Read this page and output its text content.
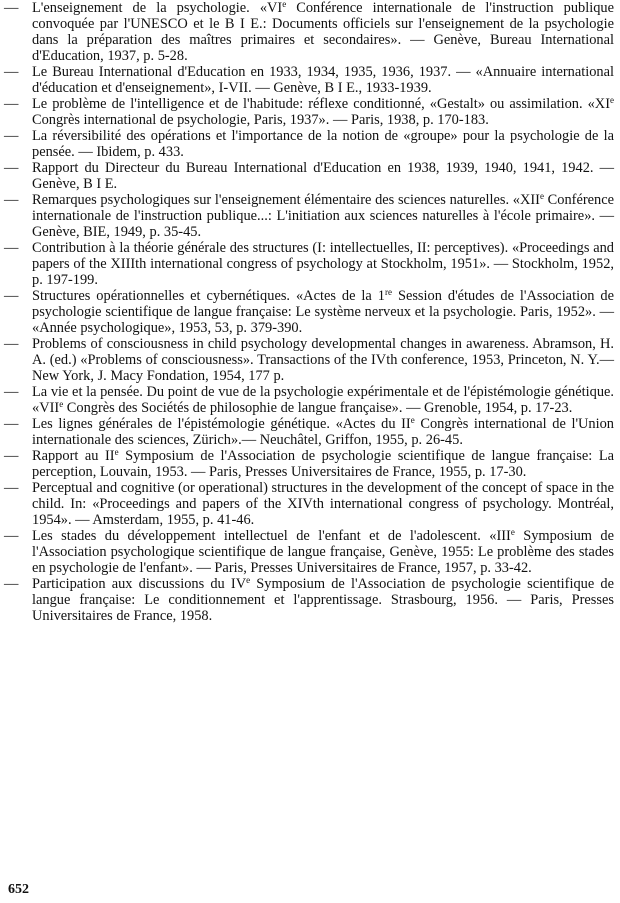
— L'enseignement de la psychologie. «VIe Conférence internationale de l'instruction publique convoquée par l'UNESCO et le B I E.: Documents officiels sur l'enseignement de la psychologie dans la préparation des maîtres primaires et secondaires». — Genève, Bureau International d'Education, 1937, p. 5-28.
— Le Bureau International d'Education en 1933, 1934, 1935, 1936, 1937. — «Annuaire international d'éducation et d'enseignement», I-VII. — Genève, B I E., 1933-1939.
— Le problème de l'intelligence et de l'habitude: réflexe conditionné, «Gestalt» ou assimilation. «XIe Congrès international de psychologie, Paris, 1937». — Paris, 1938, p. 170-183.
— La réversibilité des opérations et l'importance de la notion de «groupe» pour la psychologie de la pensée. — Ibidem, p. 433.
— Rapport du Directeur du Bureau International d'Education en 1938, 1939, 1940, 1941, 1942. — Genève, B I E.
— Remarques psychologiques sur l'enseignement élémentaire des sciences naturelles. «XIIe Conférence internationale de l'instruction publique...: L'initiation aux sciences naturelles à l'école primaire». — Genève, BIE, 1949, p. 35-45.
— Contribution à la théorie générale des structures (I: intellectuelles, II: perceptives). «Proceedings and papers of the XIIIth international congress of psychology at Stockholm, 1951». — Stockholm, 1952, p. 197-199.
— Structures opérationnelles et cybernétiques. «Actes de la 1re Session d'études de l'Association de psychologie scientifique de langue française: Le système nerveux et la psychologie. Paris, 1952». — «Année psychologique», 1953, 53, p. 379-390.
— Problems of consciousness in child psychology developmental changes in awareness. Abramson, H. A. (ed.) «Problems of consciousness». Transactions of the IVth conference, 1953, Princeton, N. Y.— New York, J. Macy Fondation, 1954, 177 p.
— La vie et la pensée. Du point de vue de la psychologie expérimentale et de l'épistémologie génétique. «VIIe Congrès des Sociétés de philosophie de langue française». — Grenoble, 1954, p. 17-23.
— Les lignes générales de l'épistémologie génétique. «Actes du IIe Congrès international de l'Union internationale des sciences, Zürich».— Neuchâtel, Griffon, 1955, p. 26-45.
— Rapport au IIe Symposium de l'Association de psychologie scientifique de langue française: La perception, Louvain, 1953. — Paris, Presses Universitaires de France, 1955, p. 17-30.
— Perceptual and cognitive (or operational) structures in the development of the concept of space in the child. In: «Proceedings and papers of the XIVth international congress of psychology. Montréal, 1954». — Amsterdam, 1955, p. 41-46.
— Les stades du développement intellectuel de l'enfant et de l'adolescent. «IIIe Symposium de l'Association psychologique scientifique de langue française, Genève, 1955: Le problème des stades en psychologie de l'enfant». — Paris, Presses Universitaires de France, 1957, p. 33-42.
— Participation aux discussions du IVe Symposium de l'Association de psychologie scientifique de langue française: Le conditionnement et l'apprentissage. Strasbourg, 1956. — Paris, Presses Universitaires de France, 1958.
652
